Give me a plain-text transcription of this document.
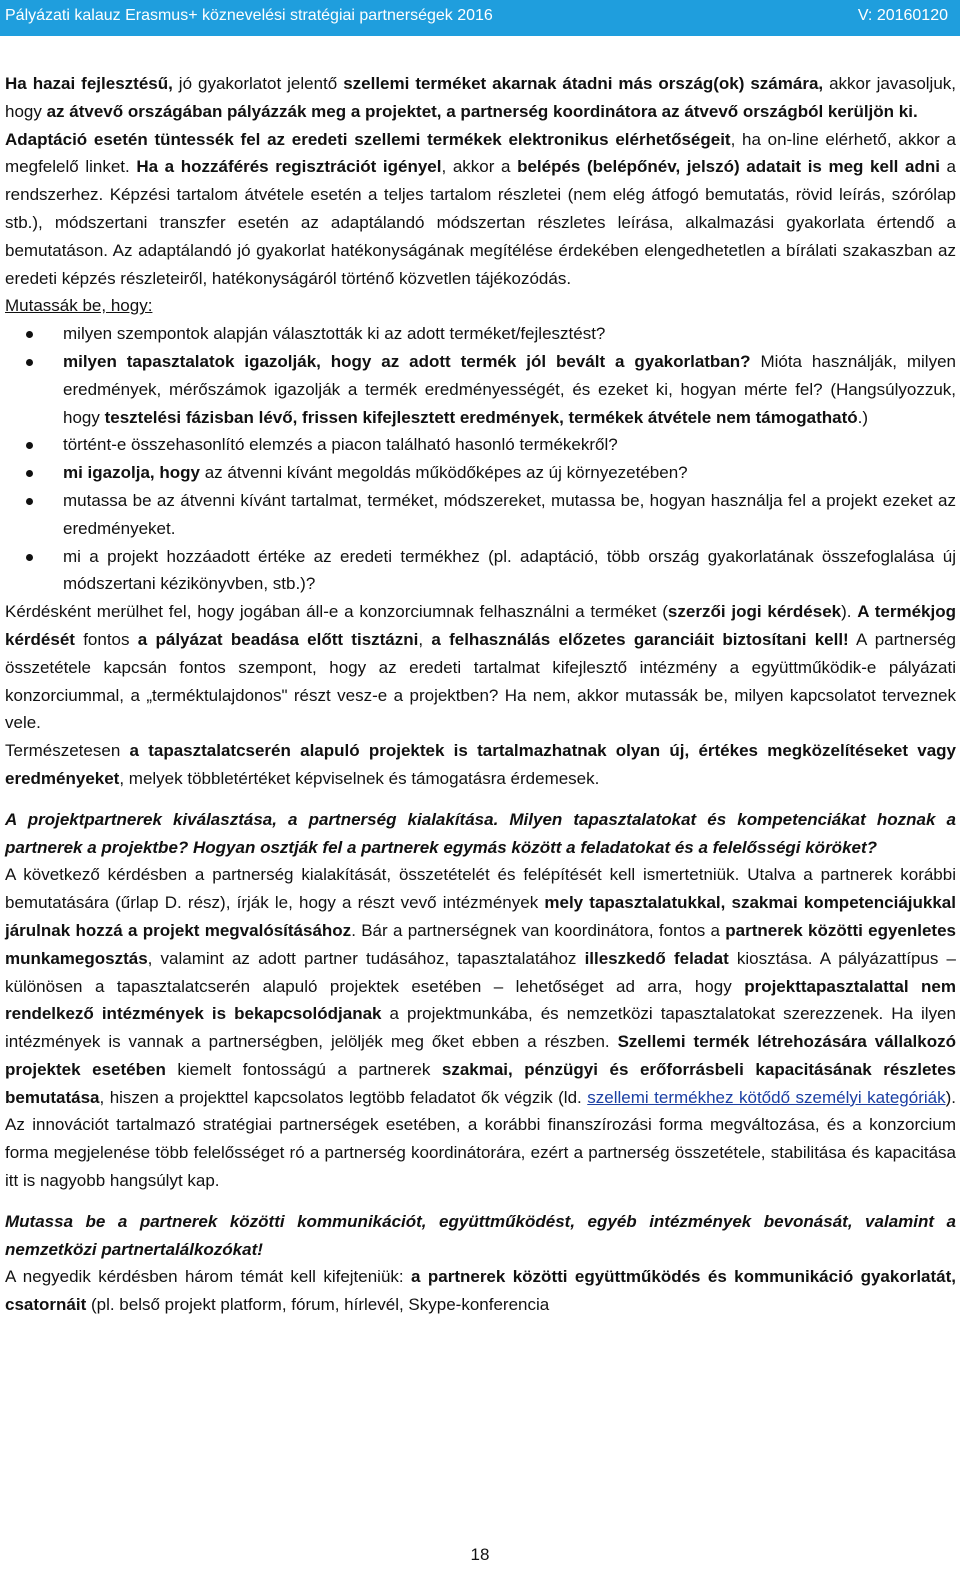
Pályázati kalauz Erasmus+ köznevelési stratégiai partnerségek 2016	V: 20160120

Ha hazai fejlesztésű, jó gyakorlatot jelentő szellemi terméket akarnak átadni más ország(ok) számára, akkor javasoljuk, hogy az átvevő országában pályázzák meg a projektet, a partnerség koordinátora az átvevő országból kerüljön ki.
Adaptáció esetén tüntessék fel az eredeti szellemi termékek elektronikus elérhetőségeit, ha on-line elérhető, akkor a megfelelő linket. Ha a hozzáférés regisztrációt igényel, akkor a belépés (belépőnév, jelszó) adatait is meg kell adni a rendszerhez. Képzési tartalom átvétele esetén a teljes tartalom részletei (nem elég átfogó bemutatás, rövid leírás, szórólap stb.), módszertani transzfer esetén az adaptálandó módszertan részletes leírása, alkalmazási gyakorlata értendő a bemutatáson. Az adaptálandó jó gyakorlat hatékonyságának megítélése érdekében elengedhetetlen a bírálati szakaszban az eredeti képzés részleteiről, hatékonyságáról történő közvetlen tájékozódás.

Mutassák be, hogy:

milyen szempontok alapján választották ki az adott terméket/fejlesztést?
milyen tapasztalatok igazolják, hogy az adott termék jól bevált a gyakorlatban? Mióta használják, milyen eredmények, mérőszámok igazolják a termék eredményességét, és ezeket ki, hogyan mérte fel? (Hangsúlyozzuk, hogy tesztelési fázisban lévő, frissen kifejlesztett eredmények, termékek átvétele nem támogatható.)
történt-e összehasonlító elemzés a piacon található hasonló termékekről?
mi igazolja, hogy az átvenni kívánt megoldás működőképes az új környezetében?
mutassa be az átvenni kívánt tartalmat, terméket, módszereket, mutassa be, hogyan használja fel a projekt ezeket az eredményeket.
mi a projekt hozzáadott értéke az eredeti termékhez (pl. adaptáció, több ország gyakorlatának összefoglalása új módszertani kézikönyvben, stb.)?

Kérdésként merülhet fel, hogy jogában áll-e a konzorciumnak felhasználni a terméket (szerzői jogi kérdések). A termékjog kérdését fontos a pályázat beadása előtt tisztázni, a felhasználás előzetes garanciáit biztosítani kell! A partnerség összetétele kapcsán fontos szempont, hogy az eredeti tartalmat kifejlesztő intézmény a együttműködik-e pályázati konzorciummal, a „terméktulajdonos" részt vesz-e a projektben? Ha nem, akkor mutassák be, milyen kapcsolatot terveznek vele.

Természetesen a tapasztalatcserén alapuló projektek is tartalmazhatnak olyan új, értékes megközelítéseket vagy eredményeket, melyek többletértéket képviselnek és támogatásra érdemesek.

A projektpartnerek kiválasztása, a partnerség kialakítása. Milyen tapasztalatokat és kompetenciákat hoznak a partnerek a projektbe? Hogyan osztják fel a partnerek egymás között a feladatokat és a felelősségi köröket?

A következő kérdésben a partnerség kialakítását, összetételét és felépítését kell ismertetniük. Utalva a partnerek korábbi bemutatására (űrlap D. rész), írják le, hogy a részt vevő intézmények mely tapasztalatukkal, szakmai kompetenciájukkal járulnak hozzá a projekt megvalósításához. Bár a partnerségnek van koordinátora, fontos a partnerek közötti egyenletes munkamegosztás, valamint az adott partner tudásához, tapasztalatához illeszkedő feladat kiosztása. A pályázattípus – különösen a tapasztalatcserén alapuló projektek esetében – lehetőséget ad arra, hogy projekttapasztalattal nem rendelkező intézmények is bekapcsolódjanak a projektmunkába, és nemzetközi tapasztalatokat szerezzenek. Ha ilyen intézmények is vannak a partnerségben, jelöljék meg őket ebben a részben. Szellemi termék létrehozására vállalkozó projektek esetében kiemelt fontosságú a partnerek szakmai, pénzügyi és erőforrásbeli kapacitásának részletes bemutatása, hiszen a projekttel kapcsolatos legtöbb feladatot ők végzik (ld. szellemi termékhez kötődő személyi kategóriák). Az innovációt tartalmazó stratégiai partnerségek esetében, a korábbi finanszírozási forma megváltozása, és a konzorcium forma megjelenése több felelősséget ró a partnerség koordinátorára, ezért a partnerség összetétele, stabilitása és kapacitása itt is nagyobb hangsúlyt kap.

Mutassa be a partnerek közötti kommunikációt, együttműködést, egyéb intézmények bevonását, valamint a nemzetközi partnertalálkozókat!

A negyedik kérdésben három témát kell kifejteniük: a partnerek közötti együttműködés és kommunikáció gyakorlatát, csatornáit (pl. belső projekt platform, fórum, hírlevél, Skype-konferencia

18
